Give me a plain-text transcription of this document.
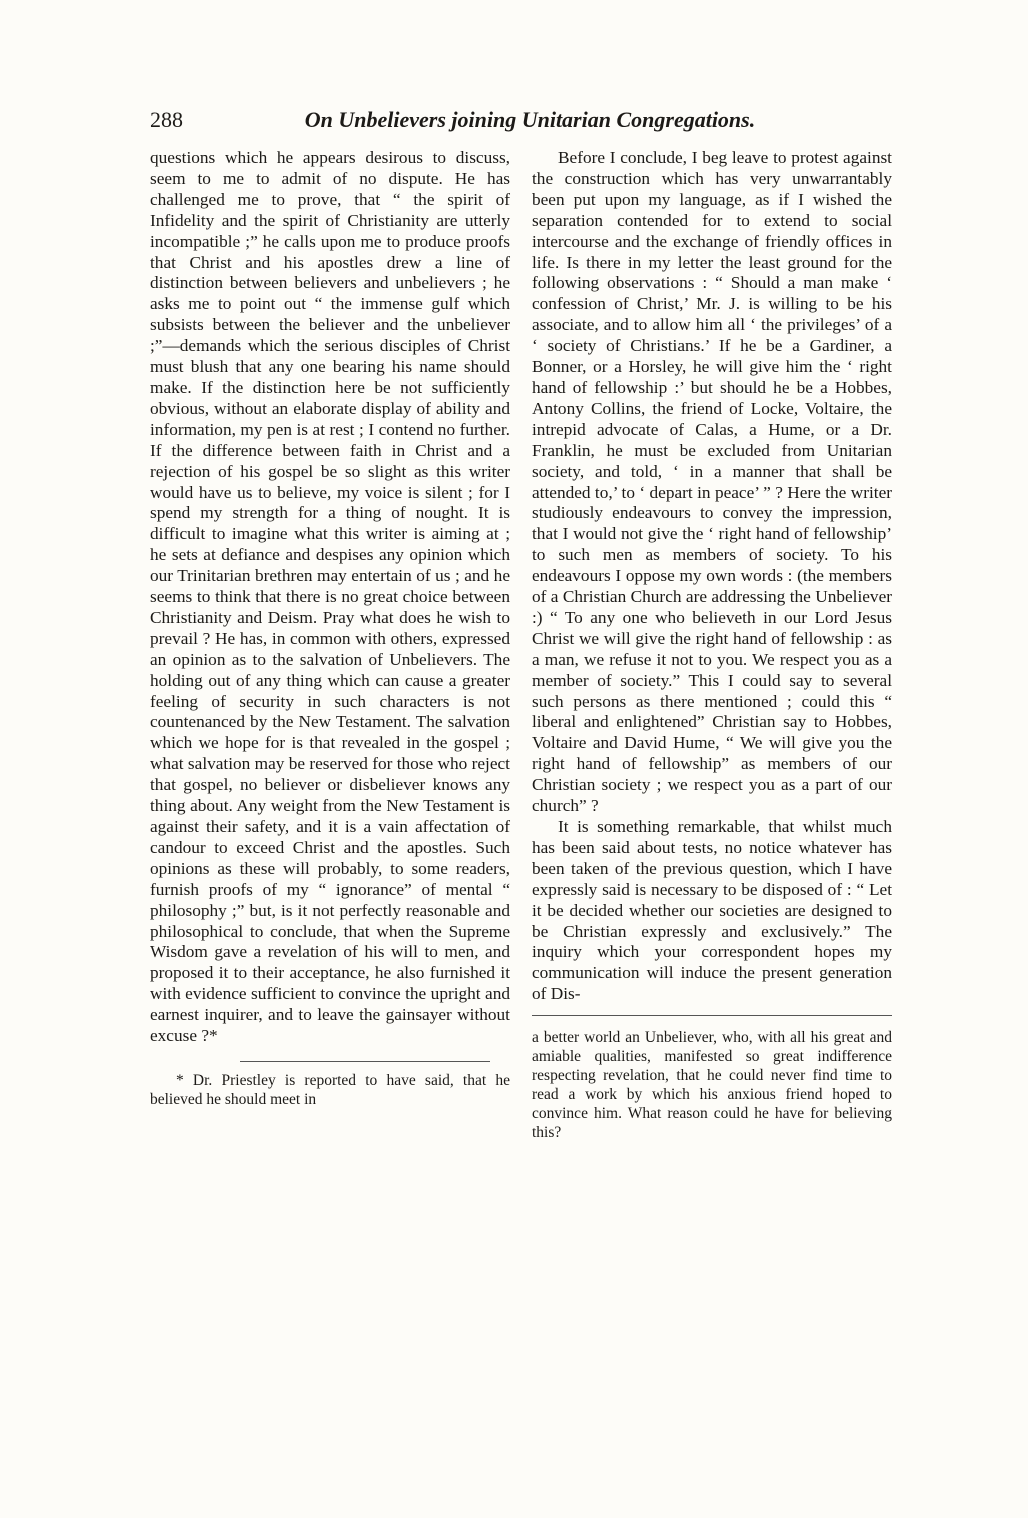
288	On Unbelievers joining Unitarian Congregations.

questions which he appears desirous to discuss, seem to me to admit of no dispute. He has challenged me to prove, that “ the spirit of Infidelity and the spirit of Christianity are utterly incompatible ;” he calls upon me to produce proofs that Christ and his apostles drew a line of distinction between believers and unbelievers ; he asks me to point out “ the immense gulf which subsists between the believer and the unbeliever ;”—demands which the serious disciples of Christ must blush that any one bearing his name should make. If the distinction here be not sufficiently obvious, without an elaborate display of ability and information, my pen is at rest ; I contend no further. If the difference between faith in Christ and a rejection of his gospel be so slight as this writer would have us to believe, my voice is silent ; for I spend my strength for a thing of nought. It is difficult to imagine what this writer is aiming at ; he sets at defiance and despises any opinion which our Trinitarian brethren may entertain of us ; and he seems to think that there is no great choice between Christianity and Deism. Pray what does he wish to prevail ? He has, in common with others, expressed an opinion as to the salvation of Unbelievers. The holding out of any thing which can cause a greater feeling of security in such characters is not countenanced by the New Testament. The salvation which we hope for is that revealed in the gospel ; what salvation may be reserved for those who reject that gospel, no believer or disbeliever knows any thing about. Any weight from the New Testament is against their safety, and it is a vain affectation of candour to exceed Christ and the apostles. Such opinions as these will probably, to some readers, furnish proofs of my “ ignorance” of mental “ philosophy ;” but, is it not perfectly reasonable and philosophical to conclude, that when the Supreme Wisdom gave a revelation of his will to men, and proposed it to their acceptance, he also furnished it with evidence sufficient to convince the upright and earnest inquirer, and to leave the gainsayer without excuse ?*

* Dr. Priestley is reported to have said, that he believed he should meet in

Before I conclude, I beg leave to protest against the construction which has very unwarrantably been put upon my language, as if I wished the separation contended for to extend to social intercourse and the exchange of friendly offices in life. Is there in my letter the least ground for the following observations : “ Should a man make ‘ confession of Christ,’ Mr. J. is willing to be his associate, and to allow him all ‘ the privileges’ of a ‘ society of Christians.’ If he be a Gardiner, a Bonner, or a Horsley, he will give him the ‘ right hand of fellowship :’ but should he be a Hobbes, Antony Collins, the friend of Locke, Voltaire, the intrepid advocate of Calas, a Hume, or a Dr. Franklin, he must be excluded from Unitarian society, and told, ‘ in a manner that shall be attended to,’ to ‘ depart in peace’ ” ? Here the writer studiously endeavours to convey the impression, that I would not give the ‘ right hand of fellowship’ to such men as members of society. To his endeavours I oppose my own words : (the members of a Christian Church are addressing the Unbeliever :) “ To any one who believeth in our Lord Jesus Christ we will give the right hand of fellowship : as a man, we refuse it not to you. We respect you as a member of society.” This I could say to several such persons as there mentioned ; could this “ liberal and enlightened” Christian say to Hobbes, Voltaire and David Hume, “ We will give you the right hand of fellowship” as members of our Christian society ; we respect you as a part of our church” ?

It is something remarkable, that whilst much has been said about tests, no notice whatever has been taken of the previous question, which I have expressly said is necessary to be disposed of : “ Let it be decided whether our societies are designed to be Christian expressly and exclusively.” The inquiry which your correspondent hopes my communication will induce the present generation of Dis-

a better world an Unbeliever, who, with all his great and amiable qualities, manifested so great indifference respecting revelation, that he could never find time to read a work by which his anxious friend hoped to convince him. What reason could he have for believing this?
